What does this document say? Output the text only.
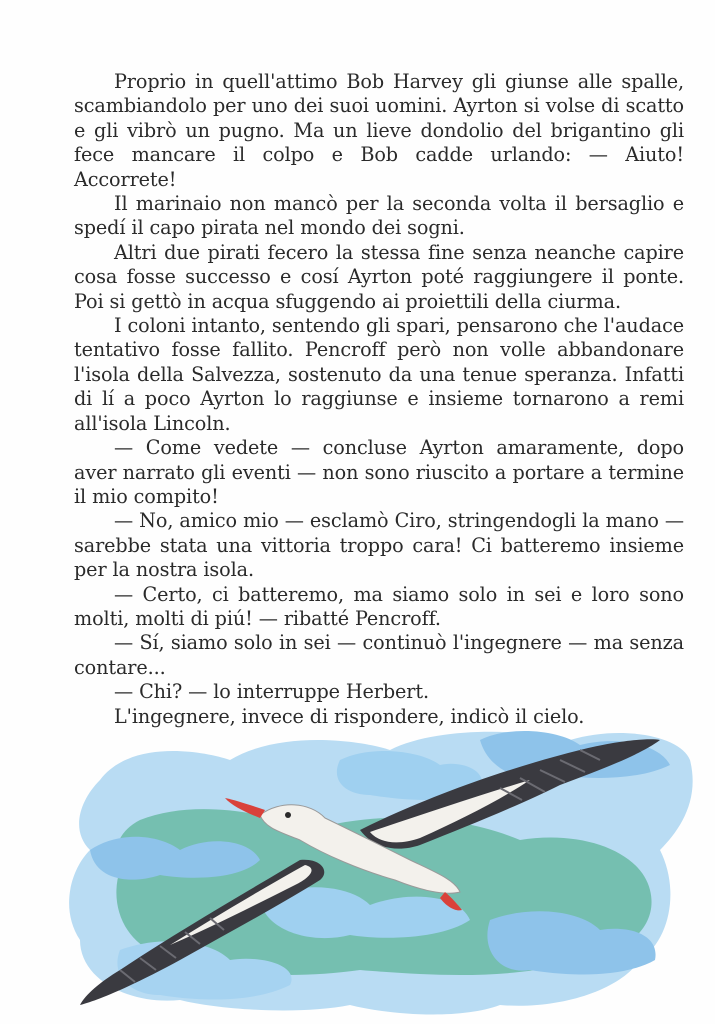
Proprio in quell'attimo Bob Harvey gli giunse alle spalle, scambiandolo per uno dei suoi uomini. Ayrton si volse di scatto e gli vibrò un pugno. Ma un lieve dondolio del brigantino gli fece mancare il colpo e Bob cadde urlando: — Aiuto! Accorrete!

Il marinaio non mancò per la seconda volta il bersaglio e spedí il capo pirata nel mondo dei sogni.

Altri due pirati fecero la stessa fine senza neanche capire cosa fosse successo e cosí Ayrton poté raggiungere il ponte. Poi si gettò in acqua sfuggendo ai proiettili della ciurma.

I coloni intanto, sentendo gli spari, pensarono che l'audace tentativo fosse fallito. Pencroff però non volle abbandonare l'isola della Salvezza, sostenuto da una tenue speranza. Infatti di lí a poco Ayrton lo raggiunse e insieme tornarono a remi all'isola Lincoln.

— Come vedete — concluse Ayrton amaramente, dopo aver narrato gli eventi — non sono riuscito a portare a termine il mio compito!

— No, amico mio — esclamò Ciro, stringendogli la mano — sarebbe stata una vittoria troppo cara! Ci batteremo insieme per la nostra isola.

— Certo, ci batteremo, ma siamo solo in sei e loro sono molti, molti di piú! — ribatté Pencroff.

— Sí, siamo solo in sei — continuò l'ingegnere — ma senza contare...

— Chi? — lo interruppe Herbert.

L'ingegnere, invece di rispondere, indicò il cielo.
